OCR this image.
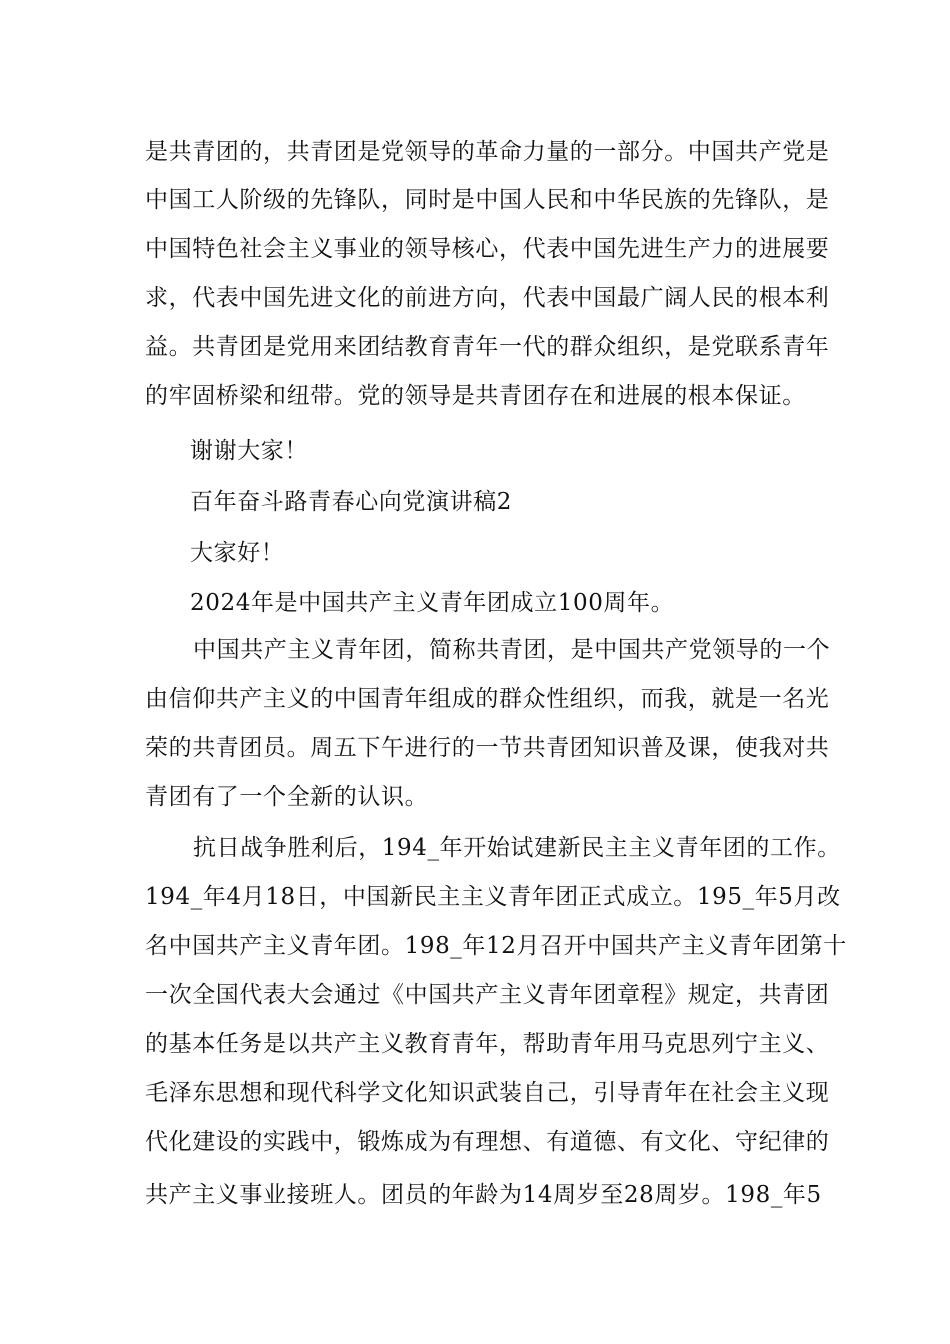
是共青团的，共青团是党领导的革命力量的一部分。中国共产党是
中国工人阶级的先锋队，同时是中国人民和中华民族的先锋队，是
中国特色社会主义事业的领导核心，代表中国先进生产力的进展要
求，代表中国先进文化的前进方向，代表中国最广阔人民的根本利
益。共青团是党用来团结教育青年一代的群众组织，是党联系青年
的牢固桥梁和纽带。党的领导是共青团存在和进展的根本保证。
谢谢大家！
百年奋斗路青春心向党演讲稿2
大家好！
2024年是中国共产主义青年团成立100周年。
中国共产主义青年团，简称共青团，是中国共产党领导的一个
由信仰共产主义的中国青年组成的群众性组织，而我，就是一名光
荣的共青团员。周五下午进行的一节共青团知识普及课，使我对共
青团有了一个全新的认识。
抗日战争胜利后，194_年开始试建新民主主义青年团的工作。
194_年4月18日，中国新民主主义青年团正式成立。195_年5月改
名中国共产主义青年团。198_年12月召开中国共产主义青年团第十
一次全国代表大会通过《中国共产主义青年团章程》规定，共青团
的基本任务是以共产主义教育青年，帮助青年用马克思列宁主义、
毛泽东思想和现代科学文化知识武装自己，引导青年在社会主义现
代化建设的实践中，锻炼成为有理想、有道德、有文化、守纪律的
共产主义事业接班人。团员的年龄为14周岁至28周岁。198_年5
